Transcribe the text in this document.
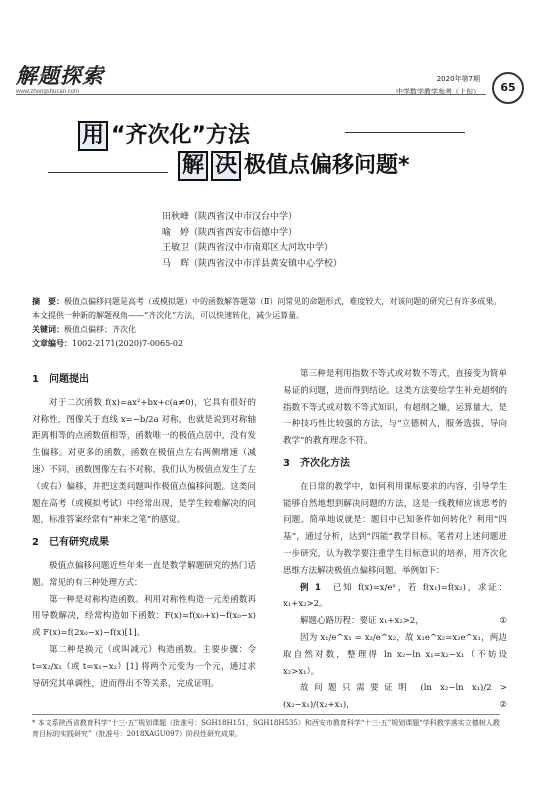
解题探索
www.zhongshucan.com
2020年第7期
中学数学教学参考（上旬）	65
用 “齐次化”方法
解 决 极值点偏移问题*
田秋峰（陕西省汉中市汉台中学）
喻　婷（陕西省西安市信德中学）
王敏卫（陕西省汉中市南郑区大河坎中学）
马　辉（陕西省汉中市洋县黄安镇中心学校）
摘　要：极值点偏移问题是高考（或模拟题）中的函数解答题第（Ⅱ）问常见的命题形式，难度较大，对该问题的研究已有许多成果。本文提供一种新的解题视角——“齐次化”方法，可以快速转化，减少运算量。
关键词：极值点偏移；齐次化
文章编号：1002-2171(2020)7-0065-02
1　问题提出

对于二次函数 f(x)=ax²+bx+c(a≠0)，它具有很好的对称性，图像关于直线 x=−b/2a 对称，也就是说到对称轴距离相等的点函数值相等，函数唯一的极值点居中，没有发生偏移。对更多的函数，函数在极值点左右两侧增速（减速）不同，函数图像左右不对称，我们认为极值点发生了左（或右）偏移，并把这类问题叫作极值点偏移问题。这类问题在高考（或模拟考试）中经常出现，是学生较难解决的问题，标准答案经常有“神来之笔”的感觉。

2　已有研究成果

极值点偏移问题近些年来一直是数学解题研究的热门话题。常见的有三种处理方式：

第一种是对称构造函数。利用对称性构造一元差函数再用导数解决，经常构造如下函数：F(x)=f(x₀+x)−f(x₀−x) 或 F(x)=f(2x₀−x)−f(x)[1]。

第二种是换元（或叫减元）构造函数。主要步骤：令 t=x₂/x₁（或 t=x₁−x₂）[1] 将两个元变为一个元，通过求导研究其单调性，进而得出不等关系，完成证明。

第三种是利用指数不等式或对数不等式，直接变为简单易证的问题，进而得到结论。这类方法要给学生补充超纲的指数不等式或对数不等式知识，有超纲之嫌，运算量大，是一种技巧性比较强的方法，与“立德树人，服务选拔，导向教学”的教育理念不符。

3　齐次化方法

在日常的教学中，如何利用课标要求的内容，引导学生能够自然地想到解决问题的方法，这是一线教师应该思考的问题。简单地说就是：题目中已知条件如何转化？利用“四基”，通过分析，达到“四能”教学目标。笔者对上述问题进一步研究，认为教学要注重学生目标意识的培养，用齐次化思维方法解决极值点偏移问题。举例如下：

例 1　 已知 f(x)=x/eˣ，若 f(x₁)=f(x₂)，求证：x₁+x₂>2。

解题心路历程：要证 x₁+x₂>2，	①

因为 x₁/e^x₁ = x₂/e^x₂，故 x₁e^x₂=x₂e^x₁，两边取自然对数，整理得 ln x₂−ln x₁=x₂−x₁（不妨设 x₂>x₁）。

故问题只需要证明 (ln x₂−ln x₁)/2 > (x₂−x₁)/(x₂+x₁)，	②

* 本文系陕西省教育科学“十三·五”规划课题（批准号：SGH18H151，SGH18H535）和西安市教育科学“十三·五”规划课题“学科教学落实立德树人教育目标的实践研究”（批准号：2018XAGU097）阶段性研究成果。
